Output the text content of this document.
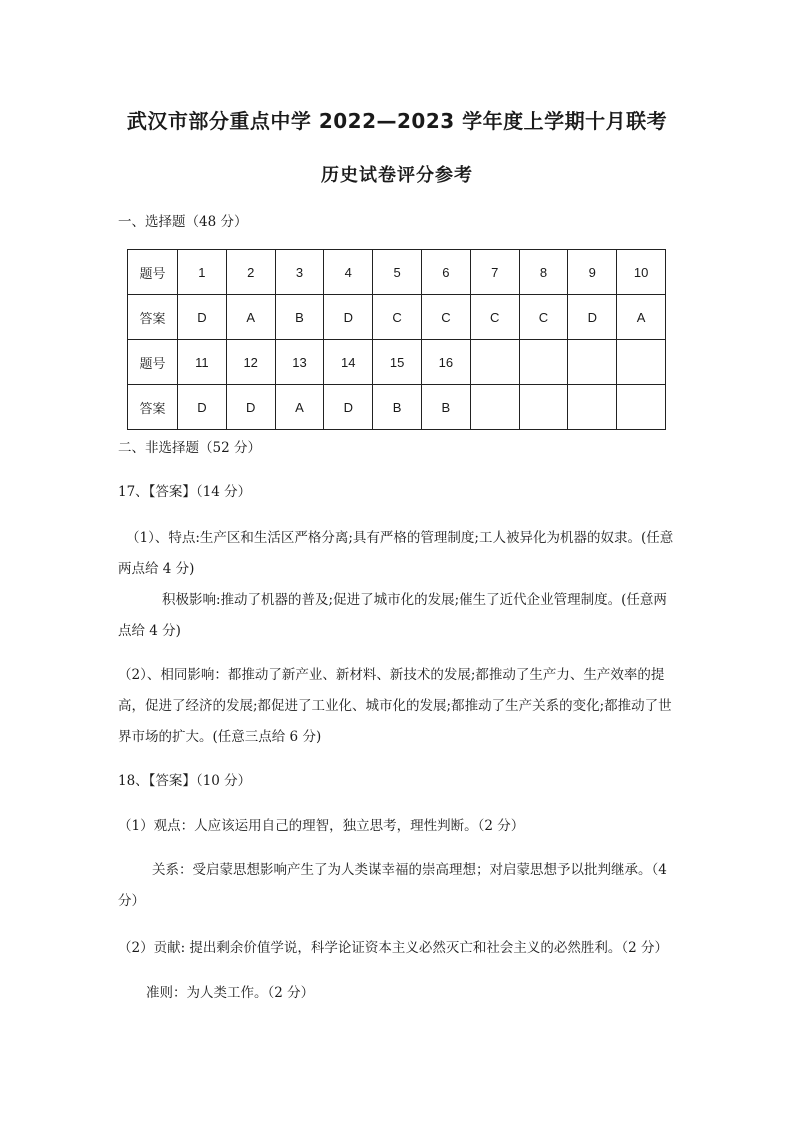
武汉市部分重点中学 2022—2023 学年度上学期十月联考
历史试卷评分参考
一、选择题（48 分）
题号	1	2	3	4	5	6	7	8	9	10
答案	D	A	B	D	C	C	C	C	D	A
题号	11	12	13	14	15	16				
答案	D	D	A	D	B	B				
二、非选择题（52 分）
17、【答案】（14 分）
（1）、特点:生产区和生活区严格分离;具有严格的管理制度;工人被异化为机器的奴隶。(任意两点给 4 分)
积极影响:推动了机器的普及;促进了城市化的发展;催生了近代企业管理制度。(任意两点给 4 分)
（2）、相同影响：都推动了新产业、新材料、新技术的发展;都推动了生产力、生产效率的提高，促进了经济的发展;都促进了工业化、城市化的发展;都推动了生产关系的变化;都推动了世界市场的扩大。(任意三点给 6 分)
18、【答案】（10 分）
（1）观点：人应该运用自己的理智，独立思考，理性判断。（2 分）
关系：受启蒙思想影响产生了为人类谋幸福的崇高理想；对启蒙思想予以批判继承。（4 分）
（2）贡献: 提出剩余价值学说，科学论证资本主义必然灭亡和社会主义的必然胜利。（2 分）
准则：为人类工作。（2 分）
